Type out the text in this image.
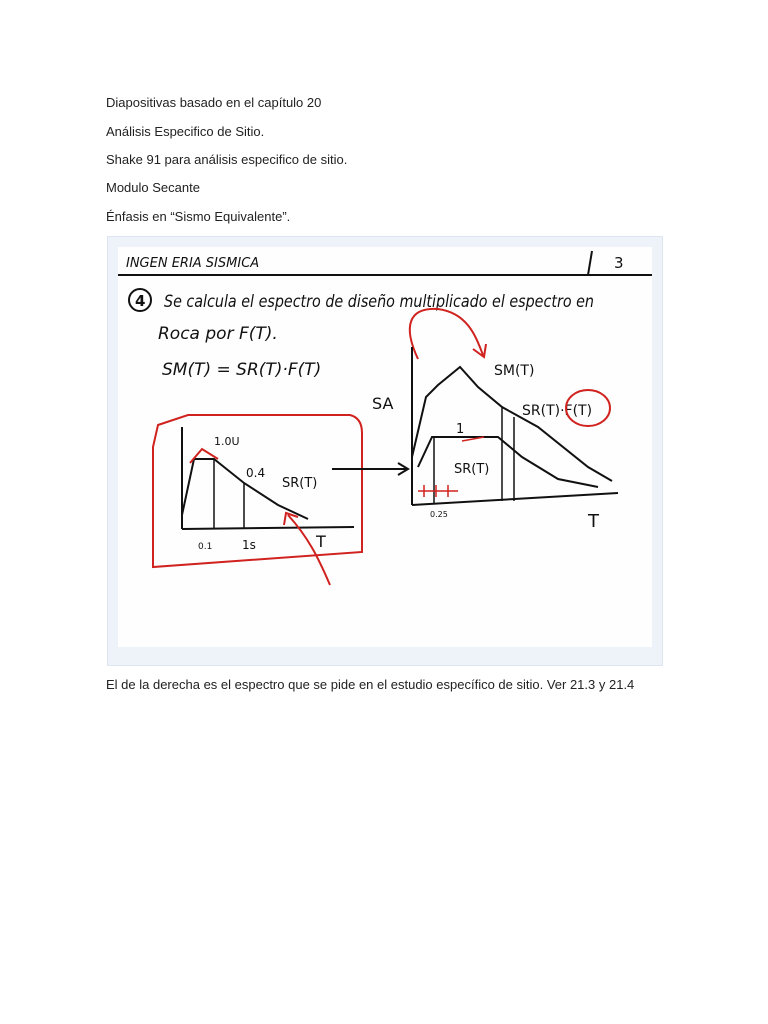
Diapositivas basado en el capítulo 20
Análisis Especifico de Sitio.
Shake 91 para análisis especifico de sitio.
Modulo Secante
Énfasis en “Sismo Equivalente”.
INGEN ERIA SISMICA	3
4 Se calcula el espectro de diseño multiplicado el espectro en
Roca por F(T).
SM(T) = SR(T)·F(T)
1.0U
0.4
SR(T)
0.1 1s	T
SA
1
SR(T)
SM(T)
SR(T)·F(T)
0.25	T
El de la derecha es el espectro que se pide en el estudio específico de sitio. Ver 21.3 y 21.4
